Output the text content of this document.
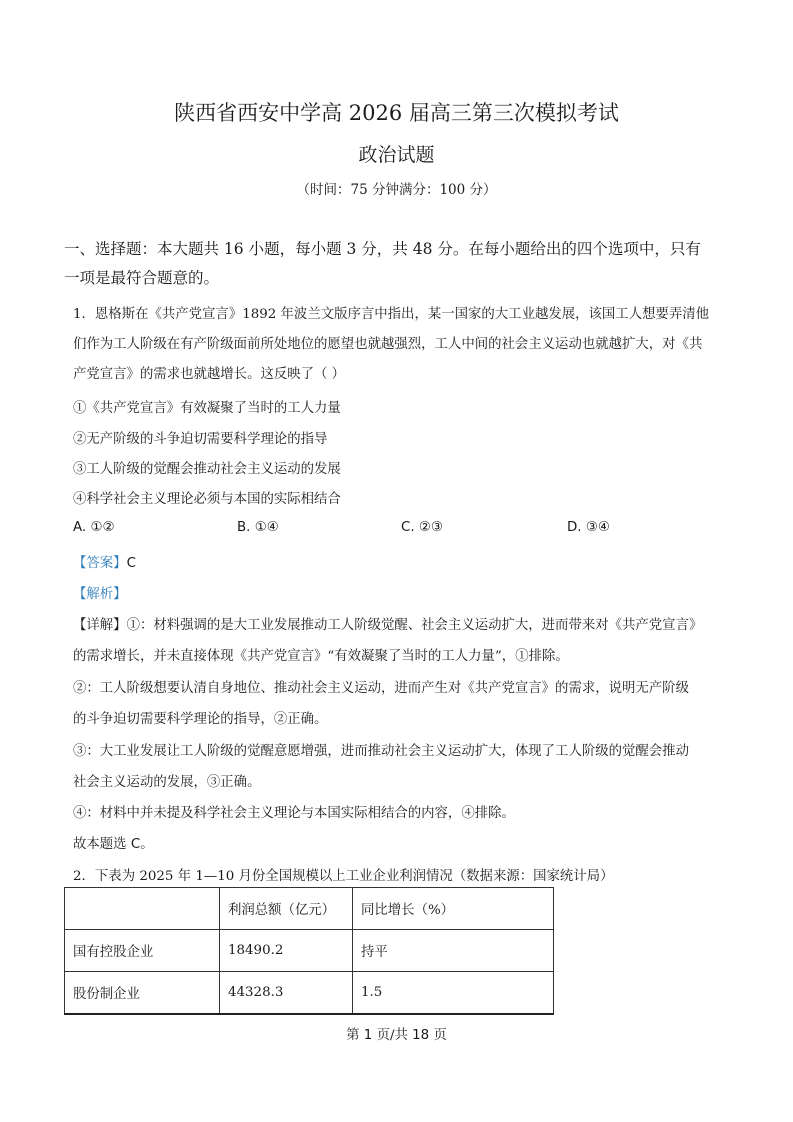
陕西省西安中学高 2026 届高三第三次模拟考试
政治试题
（时间：75 分钟满分：100 分）
一、选择题：本大题共 16 小题，每小题 3 分，共 48 分。在每小题给出的四个选项中，只有
一项是最符合题意的。
1．恩格斯在《共产党宣言》1892 年波兰文版序言中指出，某一国家的大工业越发展，该国工人想要弄清他
们作为工人阶级在有产阶级面前所处地位的愿望也就越强烈，工人中间的社会主义运动也就越扩大，对《共
产党宣言》的需求也就越增长。这反映了（ ）
①《共产党宣言》有效凝聚了当时的工人力量
②无产阶级的斗争迫切需要科学理论的指导
③工人阶级的觉醒会推动社会主义运动的发展
④科学社会主义理论必须与本国的实际相结合
A. ①②	B. ①④	C. ②③	D. ③④
【答案】C
【解析】
【详解】①：材料强调的是大工业发展推动工人阶级觉醒、社会主义运动扩大，进而带来对《共产党宣言》
的需求增长，并未直接体现《共产党宣言》“有效凝聚了当时的工人力量”，①排除。
②：工人阶级想要认清自身地位、推动社会主义运动，进而产生对《共产党宣言》的需求，说明无产阶级
的斗争迫切需要科学理论的指导，②正确。
③：大工业发展让工人阶级的觉醒意愿增强，进而推动社会主义运动扩大，体现了工人阶级的觉醒会推动
社会主义运动的发展，③正确。
④：材料中并未提及科学社会主义理论与本国实际相结合的内容，④排除。
故本题选 C。
2．下表为 2025 年 1—10 月份全国规模以上工业企业利润情况（数据来源：国家统计局）
	利润总额（亿元）	同比增长（%）
国有控股企业	18490.2	持平
股份制企业	44328.3	1.5
第 1 页/共 18 页
